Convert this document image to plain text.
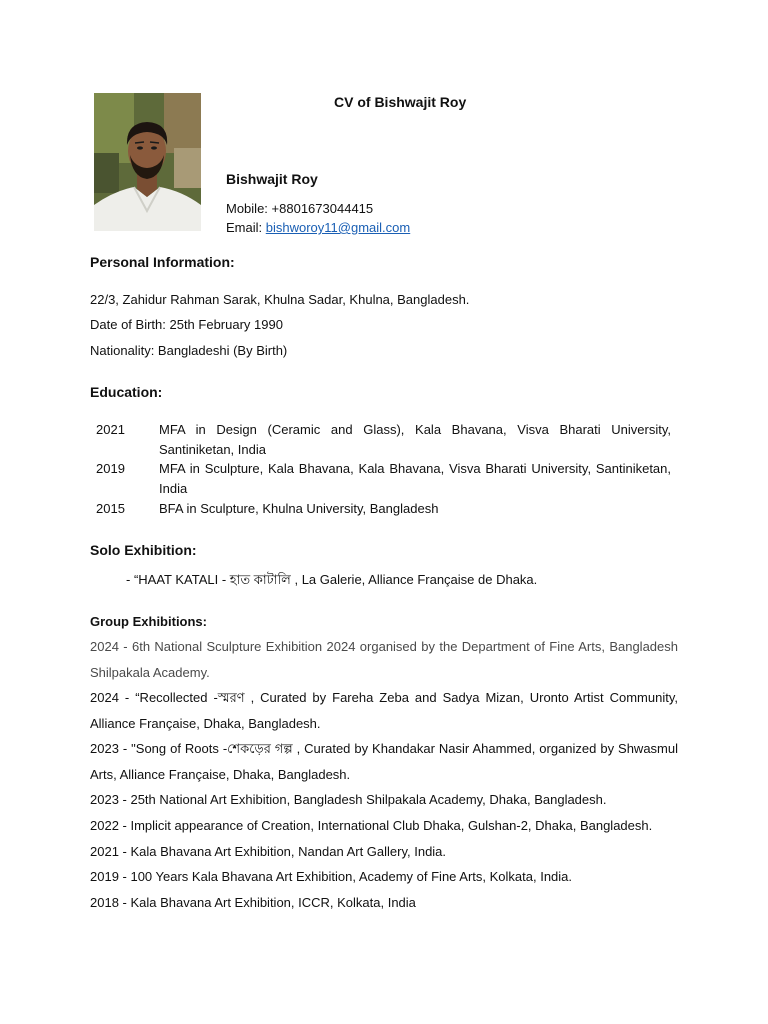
CV of Bishwajit Roy
Bishwajit Roy
Mobile: +8801673044415
Email: bishworoy11@gmail.com
Personal Information:
22/3, Zahidur Rahman Sarak, Khulna Sadar, Khulna, Bangladesh.
Date of Birth: 25th February 1990
Nationality: Bangladeshi (By Birth)
Education:
2021	MFA in Design (Ceramic and Glass), Kala Bhavana, Visva Bharati University, Santiniketan, India
2019	MFA in Sculpture, Kala Bhavana, Kala Bhavana, Visva Bharati University, Santiniketan, India
2015	BFA in Sculpture, Khulna University, Bangladesh
Solo Exhibition:
- “HAAT KATALI - হাত কাটালি , La Galerie, Alliance Française de Dhaka.
Group Exhibitions:
2024 - 6th National Sculpture Exhibition 2024 organised by the Department of Fine Arts, Bangladesh Shilpakala Academy.
2024 - “Recollected -স্মরণ , Curated by Fareha Zeba and Sadya Mizan, Uronto Artist Community, Alliance Française, Dhaka, Bangladesh.
2023 - "Song of Roots -শেকড়ের গল্প , Curated by Khandakar Nasir Ahammed, organized by Shwasmul Arts, Alliance Française, Dhaka, Bangladesh.
2023 - 25th National Art Exhibition, Bangladesh Shilpakala Academy, Dhaka, Bangladesh.
2022 - Implicit appearance of Creation, International Club Dhaka, Gulshan-2, Dhaka, Bangladesh.
2021 - Kala Bhavana Art Exhibition, Nandan Art Gallery, India.
2019 - 100 Years Kala Bhavana Art Exhibition, Academy of Fine Arts, Kolkata, India.
2018 - Kala Bhavana Art Exhibition, ICCR, Kolkata, India
